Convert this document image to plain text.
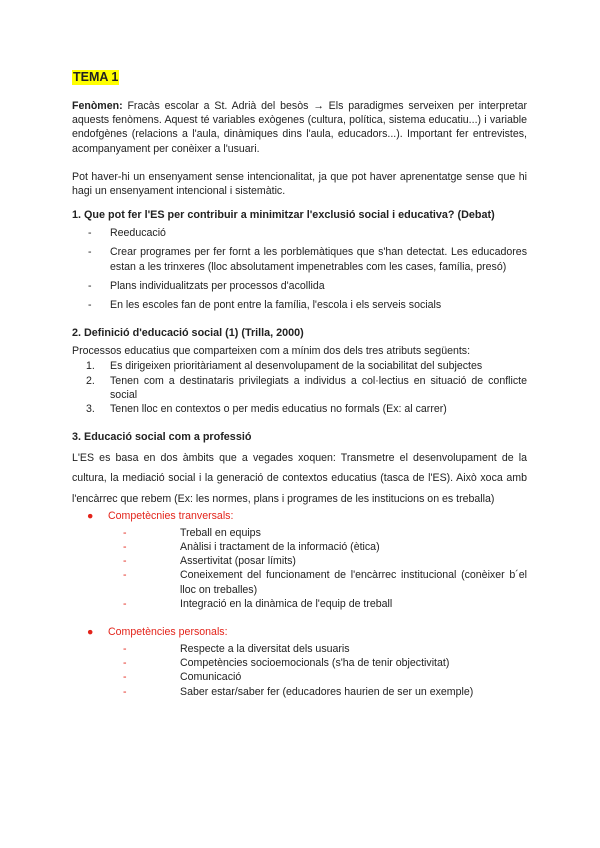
TEMA 1

Fenòmen: Fracàs escolar a St. Adrià del besòs → Els paradigmes serveixen per interpretar aquests fenòmens. Aquest té variables exògenes (cultura, política, sistema educatiu...) i variable endofgènes (relacions a l'aula, dinàmiques dins l'aula, educadors...). Important fer entrevistes, acompanyament per conèixer a l'usuari.

Pot haver-hi un ensenyament sense intencionalitat, ja que pot haver aprenentatge sense que hi hagi un ensenyament intencional i sistemàtic.

1. Que pot fer l'ES per contribuir a minimitzar l'exclusió social i educativa? (Debat)
- Reeducació
- Crear programes per fer fornt a les porblemàtiques que s'han detectat. Les educadores estan a les trinxeres (lloc absolutament impenetrables com les cases, família, presó)
- Plans individualitzats per processos d'acollida
- En les escoles fan de pont entre la família, l'escola i els serveis socials
2. Definició d'educació social (1) (Trilla, 2000)

Processos educatius que comparteixen com a mínim dos dels tres atributs següents:

1. Es dirigeixen prioritàriament al desenvolupament de la sociabilitat del subjectes
2. Tenen com a destinataris privilegiats a individus a col·lectius en situació de conflicte social
3. Tenen lloc en contextos o per medis educatius no formals (Ex: al carrer)
3. Educació social com a professió

L'ES es basa en dos àmbits que a vegades xoquen: Transmetre el desenvolupament de la cultura, la mediació social i la generació de contextos educatius (tasca de l'ES). Això xoca amb l'encàrrec que rebem (Ex: les normes, plans i programes de les institucions on es treballa)

● Competècnies tranversals:
-	Treball en equips
-	Anàlisi i tractament de la informació (ètica)
-	Assertivitat (posar límits)
-	Coneixement del funcionament de l'encàrrec institucional (conèixer b´el lloc on treballes)
-	Integració en la dinàmica de l'equip de treball
● Competències personals:
-	Respecte a la diversitat dels usuaris
-	Competències socioemocionals (s'ha de tenir objectivitat)
-	Comunicació
-	Saber estar/saber fer (educadores haurien de ser un exemple)
